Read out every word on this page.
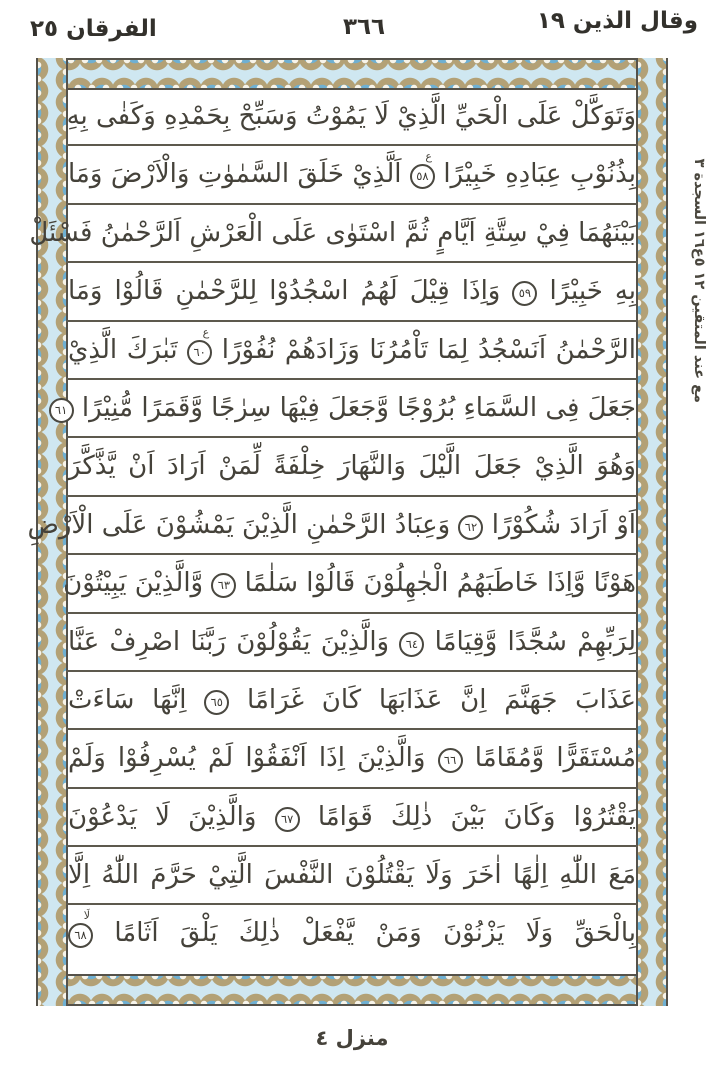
وقال الذين ١٩
٣٦٦
الفرقان ٢٥
وَتَوَكَّلْ عَلَى الْحَيِّ الَّذِيْ لَا يَمُوْتُ وَسَبِّحْ بِحَمْدِهِ وَكَفٰى بِهِ
بِذُنُوْبِ عِبَادِهِ خَبِيْرًا ٥٨
ع
اَلَّذِيْ خَلَقَ السَّمٰوٰتِ وَالْاَرْضَ وَمَا
بَيْنَهُمَا فِيْ سِتَّةِ اَيَّامٍ ثُمَّ اسْتَوٰى عَلَى الْعَرْشِ اَلرَّحْمٰنُ فَسْئَلْ
بِهِ خَبِيْرًا ٥٩ وَاِذَا قِيْلَ لَهُمُ اسْجُدُوْا لِلرَّحْمٰنِ قَالُوْا وَمَا
الرَّحْمٰنُ اَنَسْجُدُ لِمَا تَاْمُرُنَا وَزَادَهُمْ نُفُوْرًا ٦٠
ع
تَبٰرَكَ الَّذِيْ
جَعَلَ فِى السَّمَاءِ بُرُوْجًا وَّجَعَلَ فِيْهَا سِرٰجًا وَّقَمَرًا مُّنِيْرًا ٦١
وَهُوَ الَّذِيْ جَعَلَ الَّيْلَ وَالنَّهَارَ خِلْفَةً لِّمَنْ اَرَادَ اَنْ يَّذَّكَّرَ
اَوْ اَرَادَ شُكُوْرًا ٦٢ وَعِبَادُ الرَّحْمٰنِ الَّذِيْنَ يَمْشُوْنَ عَلَى الْاَرْضِ
هَوْنًا وَّاِذَا خَاطَبَهُمُ الْجٰهِلُوْنَ قَالُوْا سَلٰمًا ٦٣ وَّالَّذِيْنَ يَبِيْتُوْنَ
لِرَبِّهِمْ سُجَّدًا وَّقِيَامًا ٦٤ وَالَّذِيْنَ يَقُوْلُوْنَ رَبَّنَا اصْرِفْ عَنَّا
عَذَابَ جَهَنَّمَ اِنَّ عَذَابَهَا كَانَ غَرَامًا ٦٥ اِنَّهَا سَاءَتْ
مُسْتَقَرًّا وَّمُقَامًا ٦٦ وَالَّذِيْنَ اِذَا اَنْفَقُوْا لَمْ يُسْرِفُوْا وَلَمْ
يَقْتُرُوْا وَكَانَ بَيْنَ ذٰلِكَ قَوَامًا ٦٧ وَالَّذِيْنَ لَا يَدْعُوْنَ
مَعَ اللّٰهِ اِلٰهًا اٰخَرَ وَلَا يَقْتُلُوْنَ النَّفْسَ الَّتِيْ حَرَّمَ اللّٰهُ اِلَّا
بِالْحَقِّ وَلَا يَزْنُوْنَ وَمَنْ يَّفْعَلْ ذٰلِكَ يَلْقَ اَثَامًا ٦٨
لَا
مع عند المتقين ١٢ ٥ع١٦ السجدة ٣
منزل ٤
